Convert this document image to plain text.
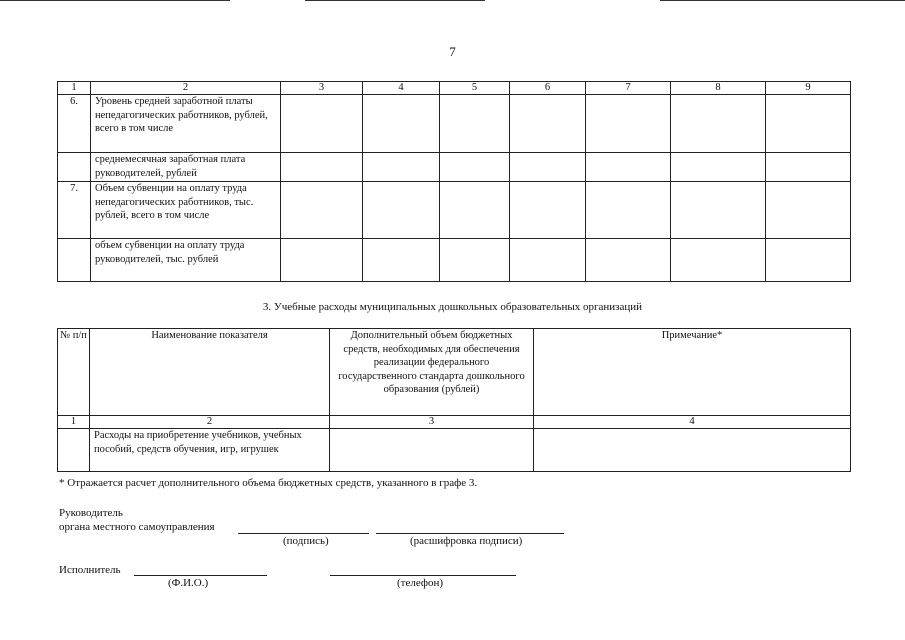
7
1	2	3	4	5	6	7	8	9
6.	Уровень средней заработной платы непедагогических работников, рублей, всего в том числе							
	среднемесячная заработная плата руководителей, рублей							
7.	Объем субвенции на оплату труда непедагогических работников, тыс. рублей, всего в том числе							
	объем субвенции на оплату труда руководителей, тыс. рублей							
3. Учебные расходы муниципальных дошкольных образовательных организаций
№ п/п	Наименование показателя	Дополнительный объем бюджетных средств, необходимых для обеспечения реализации федерального государственного стандарта дошкольного образования (рублей)	Примечание*
1	2	3	4
	Расходы на приобретение учебников, учебных пособий, средств обучения, игр, игрушек		
* Отражается расчет дополнительного объема бюджетных средств, указанного в графе 3.
Руководитель
органа местного самоуправления
(подпись)	(расшифровка подписи)
Исполнитель
(Ф.И.О.)	(телефон)
